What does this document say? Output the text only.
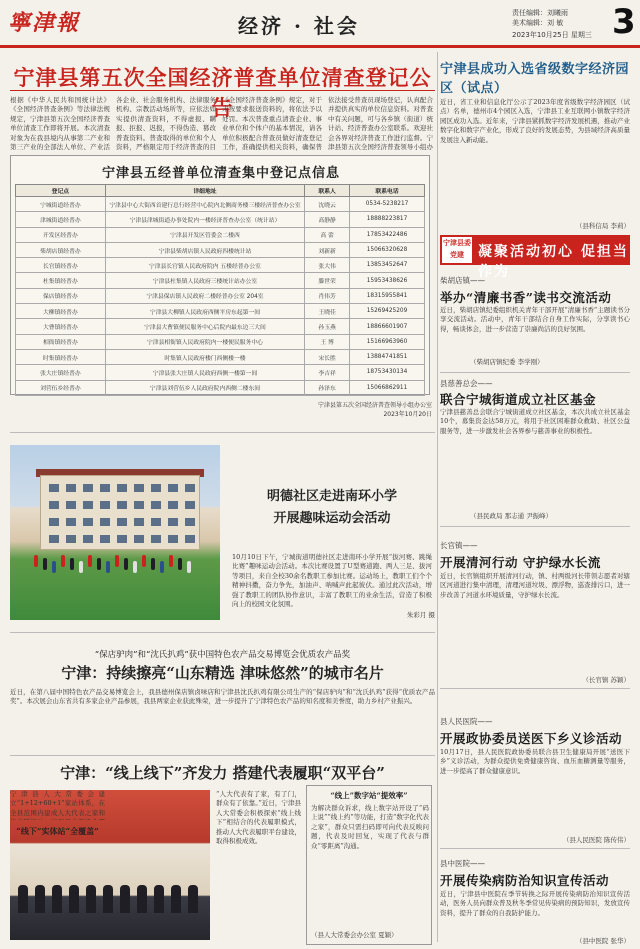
寧津報	经济 · 社会
责任编辑：刘曦雨
美术编辑：刘 敏
2023年10月25日 星期三 3
宁津县第五次全国经济普查单位清查登记公告
根据《中华人民共和国统计法》《全国经济普查条例》等法律法规规定，宁津县第五次全国经济普查单位清查工作即将开展。本次清查对象为在我县境内从事第二产业和第三产业的全部法人单位、产业活
各企业、社会服务机构、法律服务机构、宗教活动场所等，应依法如实提供清查资料，不得虚报、瞒报、拒报、迟报，不得伪造、篡改普查资料。普查取得的单位和个人资料，严格限定用于经济普查的目
《全国经济普查条例》规定，对于未按要求报送资料的，将依法予以处罚。本次普查重点清查企业、事业单位和个体户的基本情况，请各单位积极配合普查员做好清查登记工作，准确提供相关资料，确保普
依法接受普查员现场登记，认真配合并提供真实的单位信息资料。对普查中有关问题，可与各乡镇（街道）统计站、经济普查办公室联系。欢迎社会各界对经济普查工作进行监督。宁津县第五次全国经济普查领导小组办
宁津县五经普单位清查集中登记点信息
登记点	详细地址	联系人	联系电话
宁城街道经普办	宁津县中心大街西首建行总行经营中心院内北侧商务楼三楼经济普查办公室	沈晓云	0534-5238217
津城街道经普办	宁津县津城街道办事处院内一楼经济普查办公室（统计站）	高静静	18888223817
开发区经普办	宁津县开发区管委会二楼西	高 蕾	17853422486
柴胡店镇经普办	宁津县柴胡店镇人民政府四楼统计站	刘新新	15066320628
长官镇经普办	宁津县长官镇人民政府院内 五楼经普办公室	张大伟	13853452647
杜集镇经普办	宁津县杜集镇人民政府三楼统计站办公室	滕世荣	15953438626
保店镇经普办	宁津县保店镇人民政府二楼经普办公室 204室	肖伟芳	18315955841
大柳镇经普办	宁津县大柳镇人民政府西侧平房东起第一间	王晓佳	15269425209
大曹镇经普办	宁津县大曹镇便民服务中心后院内最东边三大间	孙玉燕	18866601907
相衙镇经普办	宁津县相衙镇人民政府院内一楼便民服务中心	王 博	15166963960
时集镇经普办	时集镇人民政府楼门西侧楼一楼	宋长胜	13884741851
张大庄镇经普办	宁津县张大庄镇人民政府西侧一楼第一间	李吉祥	18753430134
刘营伍乡经普办	宁津县刘营伍乡人民政府院内西侧二楼东间	孙泽东	15066862911
宁津县第五次全国经济普查领导小组办公室
2023年10月20日
明德社区走进南环小学
开展趣味运动会活动
10月10日下午，宁城街道明德社区走进南环小学开展“拔河赛、跳绳比赛”趣味运动会活动。本次比赛设置了U型赛道跑、两人三足、拔河等项目，来自全校30余名教职工参加比赛。运动场上，教职工们个个精神抖擞，奋力争先，加油声、呐喊声此起彼伏。通过此次活动，增强了教职工的团队协作意识，丰富了教职工的业余生活，营造了积极向上的校园文化氛围。
朱彩月 摄
“保店驴肉”和“沈氏扒鸡”获中国特色农产品交易博览会优质农产品奖
宁津：持续擦亮“山东精选 津味悠然”的城市名片
近日，在第八届中国特色农产品交易博览会上，我县德州保店镇卤味店和宁津县沈氏扒鸡有限公司生产的“保店驴肉”和“沈氏扒鸡”获得“优质农产品奖”。本次展会山东省共有多家企业产品参展，我县两家企业获此殊荣，进一步提升了宁津特色农产品的知名度和美誉度，助力乡村产业振兴。
宁津：“线上线下”齐发力 搭建代表履职“双平台”
宁津县人大常委会建立“1+12+60+1”家站体系，在全县范围内建成人大代表之家和
“线下”实体站“全覆盖”
“人大代表有了家，有了门，群众有了依靠。”近日，宁津县人大常委会积极探索“线上线下”相结合的代表履职模式，推动人大代表履职平台建设，取得积极成效。
“线上”数字站“提效率”
为解决群众诉求，线上数字站开设了“码上说”“线上约”等功能，打造“数字化代表之家”，群众只需扫码即可向代表反映问题，代表及时回复，实现了代表与群众“零距离”沟通。
（县人大常委会办公室 夏颖）
宁津县成功入选省级数字经济园区（试点）
近日，省工业和信息化厅公示了2023年度省级数字经济园区（试点）名单，德州市4个园区入选，宁津县工业互联网小镇数字经济园区成功入选。近年来，宁津县紧抓数字经济发展机遇，推动产业数字化和数字产业化，形成了良好的发展态势，为县域经济高质量发展注入新动能。
（县科信局 李莉）
宁津县委党建	凝聚活动初心 促担当作为
柴胡店镇——
举办“清廉书香”读书交流活动
近日，柴胡店镇纪委组织机关青年干部开展“清廉书香”主题读书分享交流活动。活动中，青年干部结合自身工作实际，分享读书心得，畅谈体会，进一步营造了崇廉尚洁的良好氛围。
（柴胡店镇纪委 李学刚）
县慈善总会——
联合宁城街道成立社区基金
宁津县慈善总会联合宁城街道成立社区基金，本次共成立社区基金10个，募集资金达58万元，将用于社区困难群众救助、社区公益服务等，进一步激发社会各界参与慈善事业的积极性。
（县民政局 那志通 尹振峰）
长官镇——
开展清河行动 守护绿水长流
近日，长官镇组织开展清河行动，镇、村两级河长带领志愿者对辖区河道进行集中清理，清理河道垃圾、漂浮物，巡查排污口，进一步改善了河道水环境质量，守护绿水长流。
（长官镇 苏颖）
县人民医院——
开展政协委员送医下乡义诊活动
10月17日，县人民医院政协委员联合县卫生健康局开展“送医下乡”义诊活动，为群众提供免费健康咨询、血压血糖测量等服务，进一步提高了群众健康意识。
（县人民医院 陈传伟）
县中医院——
开展传染病防治知识宣传活动
近日，宁津县中医院在季节转换之际开展传染病防治知识宣传活动，医务人员向群众普及秋冬季常见传染病的预防知识，发放宣传资料，提升了群众的自我防护能力。
（县中医院 张华）
